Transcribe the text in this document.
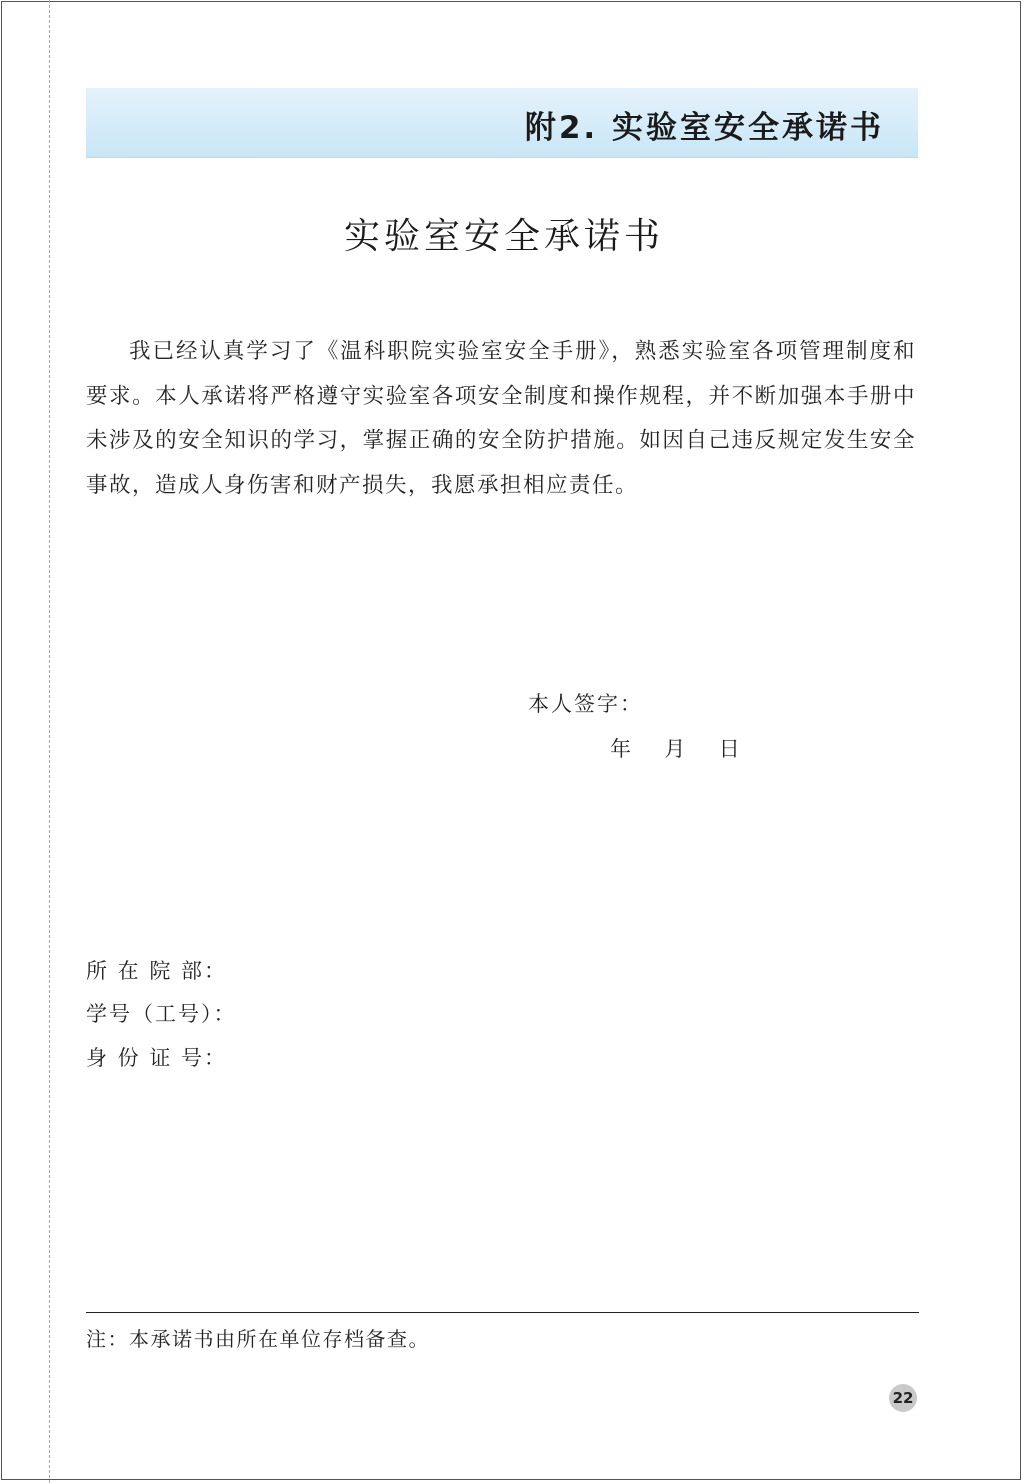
附2. 实验室安全承诺书
实验室安全承诺书

我已经认真学习了《温科职院实验室安全手册》，熟悉实验室各项管理制度和要求。本人承诺将严格遵守实验室各项安全制度和操作规程，并不断加强本手册中未涉及的安全知识的学习，掌握正确的安全防护措施。如因自己违反规定发生安全事故，造成人身伤害和财产损失，我愿承担相应责任。

本人签字：
年     月     日
所 在 院 部：
学号（工号）：
身 份 证 号：
注：本承诺书由所在单位存档备查。
22
